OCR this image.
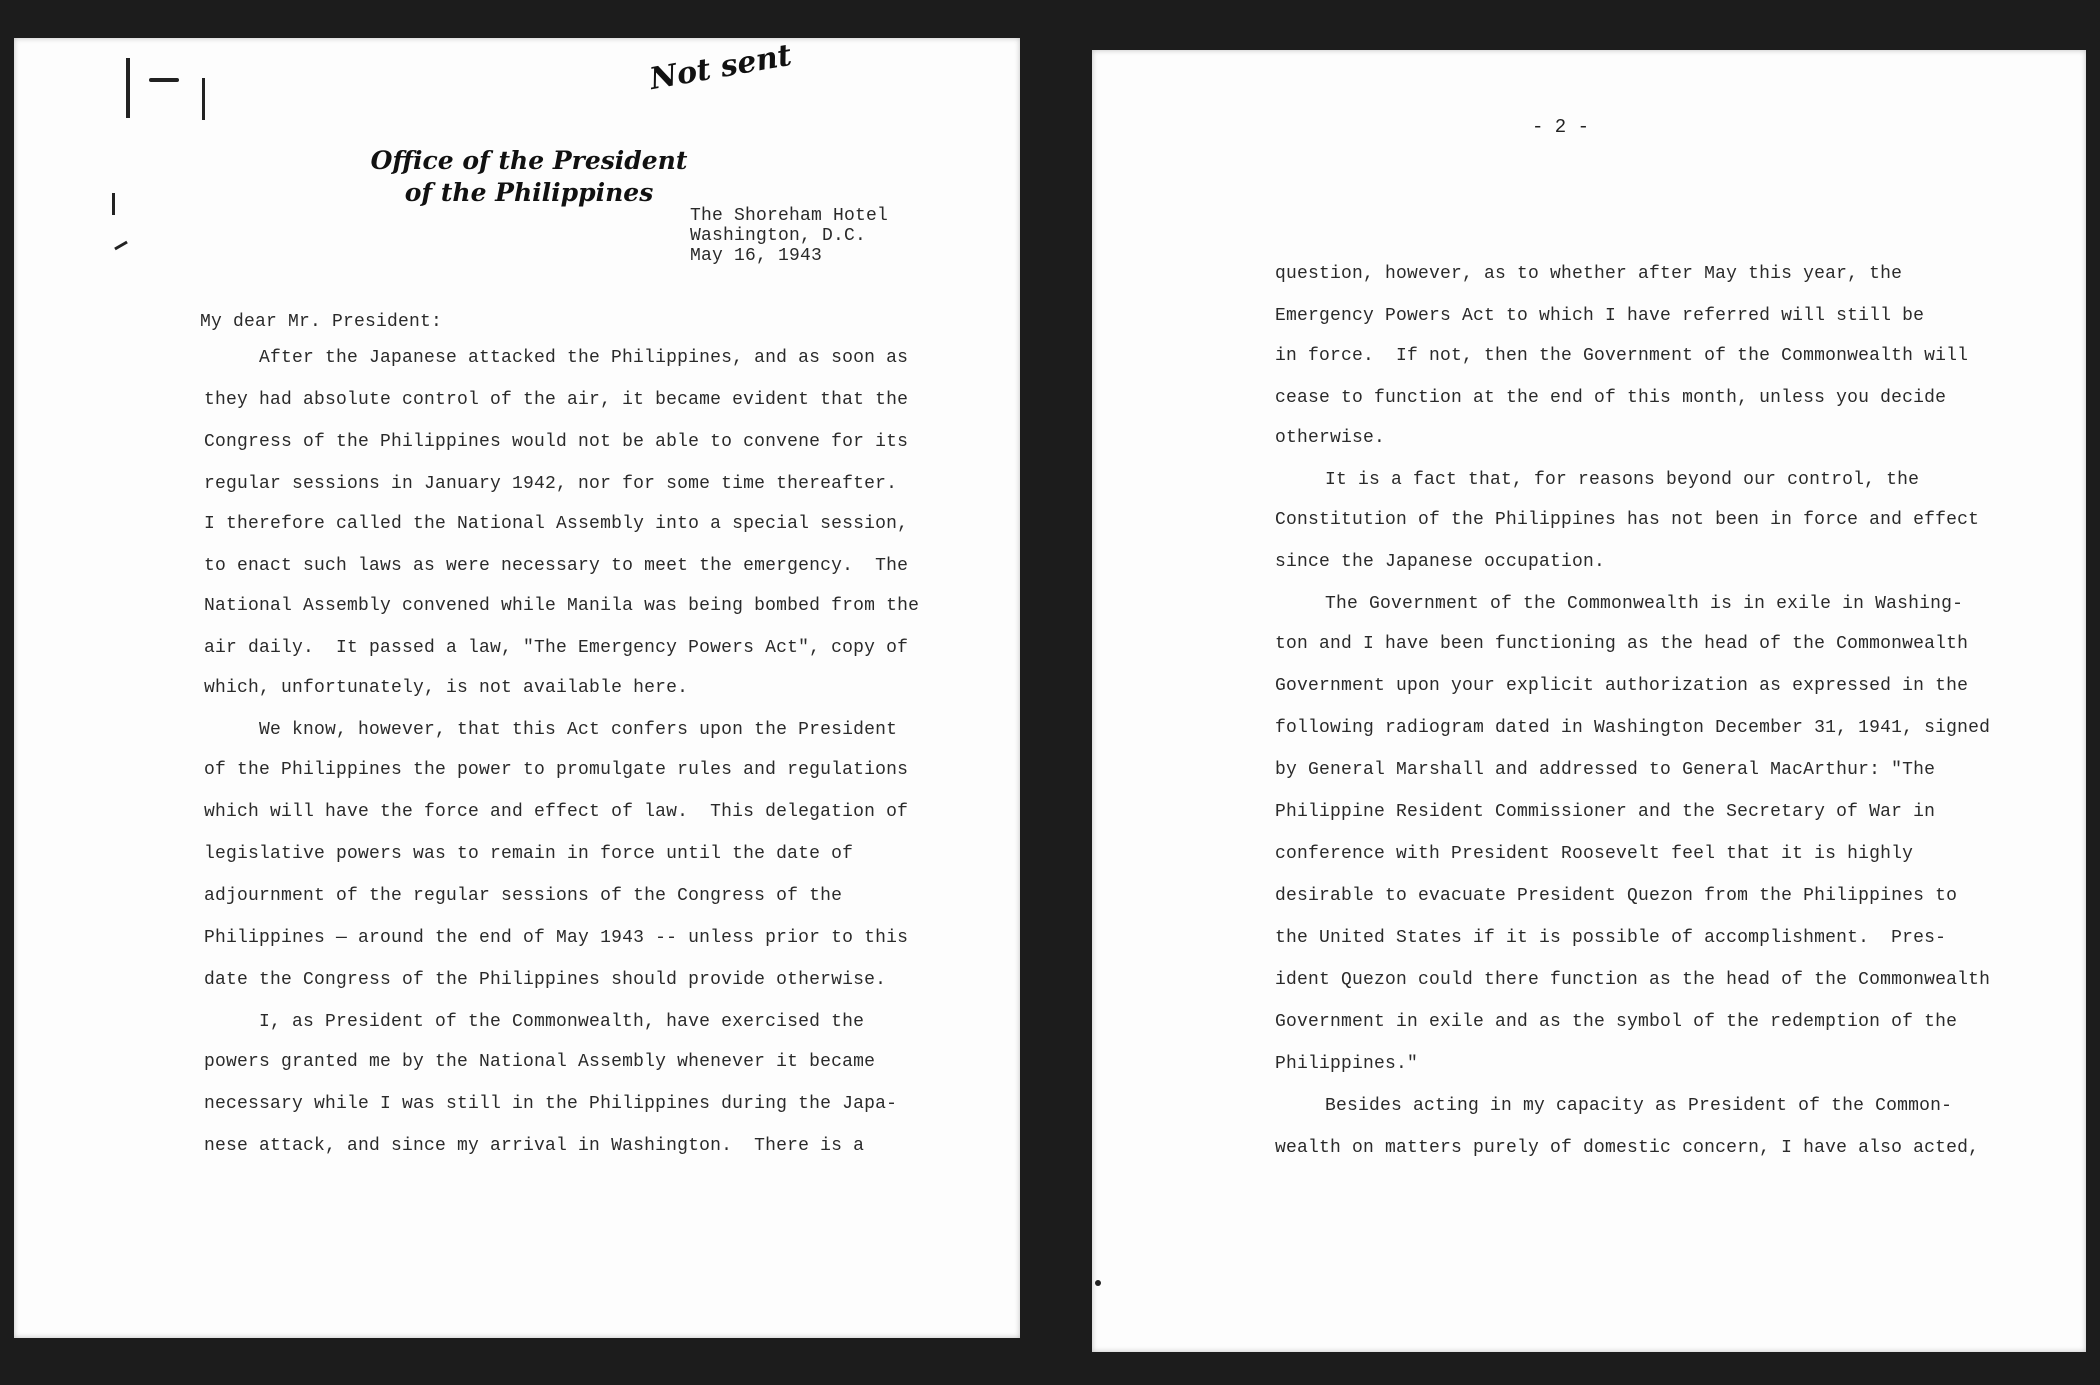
Not sent
Office of the President
of the Philippines
The Shoreham Hotel
Washington, D.C.
May 16, 1943
My dear Mr. President:
After the Japanese attacked the Philippines, and as soon as
they had absolute control of the air, it became evident that the
Congress of the Philippines would not be able to convene for its
regular sessions in January 1942, nor for some time thereafter.
I therefore called the National Assembly into a special session,
to enact such laws as were necessary to meet the emergency.  The
National Assembly convened while Manila was being bombed from the
air daily.  It passed a law, "The Emergency Powers Act", copy of
which, unfortunately, is not available here.
We know, however, that this Act confers upon the President
of the Philippines the power to promulgate rules and regulations
which will have the force and effect of law.  This delegation of
legislative powers was to remain in force until the date of
adjournment of the regular sessions of the Congress of the
Philippines — around the end of May 1943 -- unless prior to this
date the Congress of the Philippines should provide otherwise.
I, as President of the Commonwealth, have exercised the
powers granted me by the National Assembly whenever it became
necessary while I was still in the Philippines during the Japa-
nese attack, and since my arrival in Washington.  There is a
- 2 -
question, however, as to whether after May this year, the
Emergency Powers Act to which I have referred will still be
in force.  If not, then the Government of the Commonwealth will
cease to function at the end of this month, unless you decide
otherwise.
It is a fact that, for reasons beyond our control, the
Constitution of the Philippines has not been in force and effect
since the Japanese occupation.
The Government of the Commonwealth is in exile in Washing-
ton and I have been functioning as the head of the Commonwealth
Government upon your explicit authorization as expressed in the
following radiogram dated in Washington December 31, 1941, signed
by General Marshall and addressed to General MacArthur: "The
Philippine Resident Commissioner and the Secretary of War in
conference with President Roosevelt feel that it is highly
desirable to evacuate President Quezon from the Philippines to
the United States if it is possible of accomplishment.  Pres-
ident Quezon could there function as the head of the Commonwealth
Government in exile and as the symbol of the redemption of the
Philippines."
Besides acting in my capacity as President of the Common-
wealth on matters purely of domestic concern, I have also acted,
